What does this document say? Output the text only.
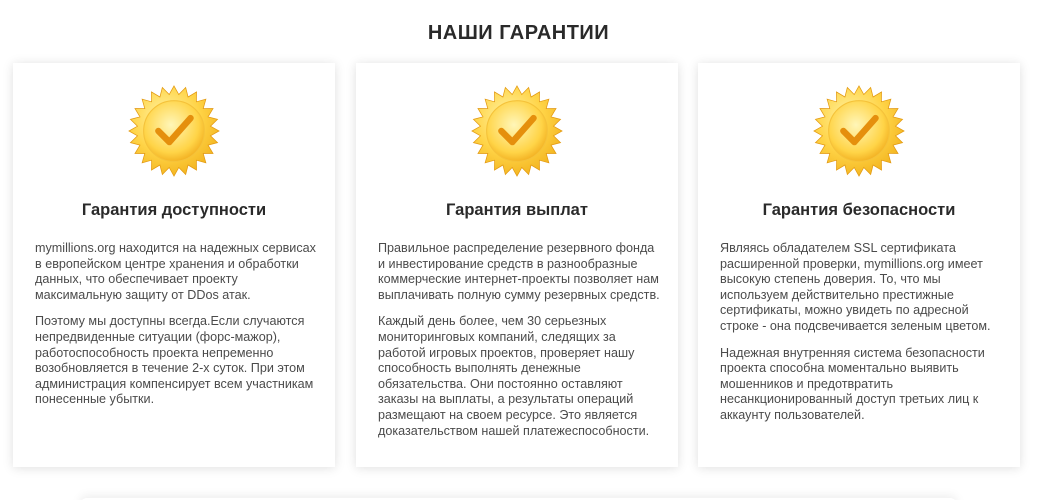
НАШИ ГАРАНТИИ
Гарантия доступности

mymillions.org находится на надежных сервисах в европейском центре хранения и обработки данных, что обеспечивает проекту максимальную защиту от DDos атак.

Поэтому мы доступны всегда.Если случаются непредвиденные ситуации (форс-мажор), работоспособность проекта непременно возобновляется в течение 2-х суток. При этом администрация компенсирует всем участникам понесенные убытки.

Гарантия выплат

Правильное распределение резервного фонда и инвестирование средств в разнообразные коммерческие интернет-проекты позволяет нам выплачивать полную сумму резервных средств.

Каждый день более, чем 30 серьезных мониторинговых компаний, следящих за работой игровых проектов, проверяет нашу способность выполнять денежные обязательства. Они постоянно оставляют заказы на выплаты, а результаты операций размещают на своем ресурсе. Это является доказательством нашей платежеспособности.

Гарантия безопасности

Являясь обладателем SSL сертификата расширенной проверки, mymillions.org имеет высокую степень доверия. То, что мы используем действительно престижные сертификаты, можно увидеть по адресной строке - она подсвечивается зеленым цветом.

Надежная внутренняя система безопасности проекта способна моментально выявить мошенников и предотвратить несанкционированный доступ третьих лиц к аккаунту пользователей.
